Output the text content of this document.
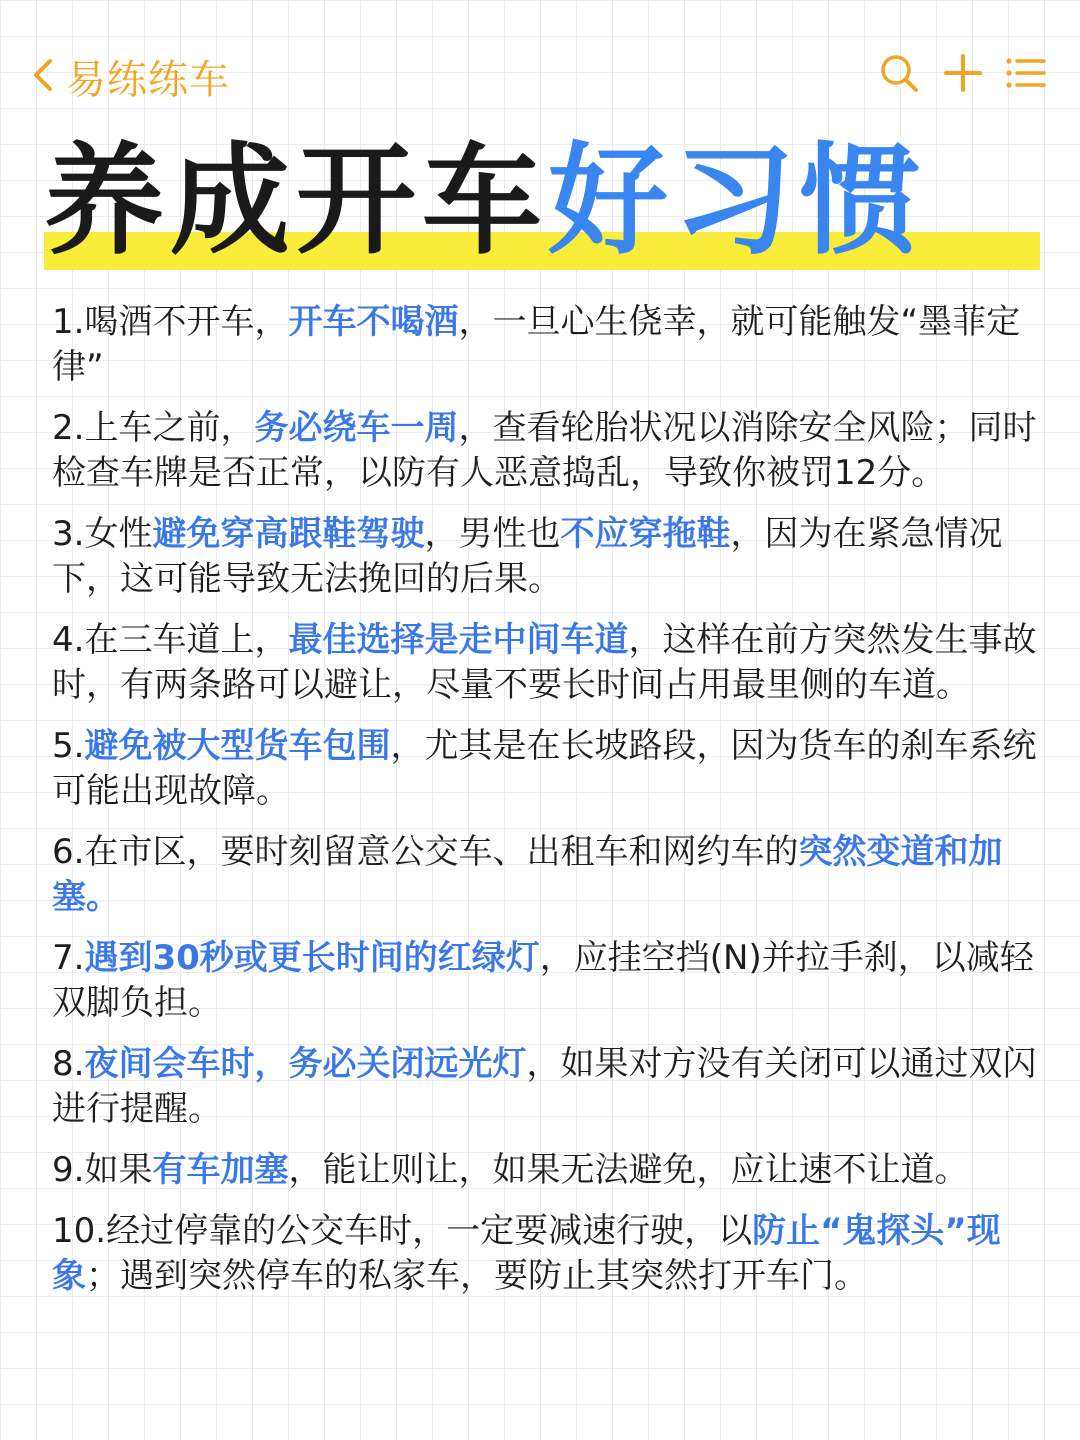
易练练车
养成开车好习惯
1.喝酒不开车，开车不喝酒，一旦心生侥幸，就可能触发“墨菲定律”
2.上车之前，务必绕车一周，查看轮胎状况以消除安全风险；同时检查车牌是否正常，以防有人恶意捣乱，导致你被罚12分。
3.女性避免穿高跟鞋驾驶，男性也不应穿拖鞋，因为在紧急情况下，这可能导致无法挽回的后果。
4.在三车道上，最佳选择是走中间车道，这样在前方突然发生事故时，有两条路可以避让，尽量不要长时间占用最里侧的车道。
5.避免被大型货车包围，尤其是在长坡路段，因为货车的刹车系统可能出现故障。
6.在市区，要时刻留意公交车、出租车和网约车的突然变道和加塞。
7.遇到30秒或更长时间的红绿灯，应挂空挡(N)并拉手刹，以减轻双脚负担。
8.夜间会车时，务必关闭远光灯，如果对方没有关闭可以通过双闪进行提醒。
9.如果有车加塞，能让则让，如果无法避免，应让速不让道。
10.经过停靠的公交车时，一定要减速行驶，以防止“鬼探头”现象；遇到突然停车的私家车，要防止其突然打开车门。
